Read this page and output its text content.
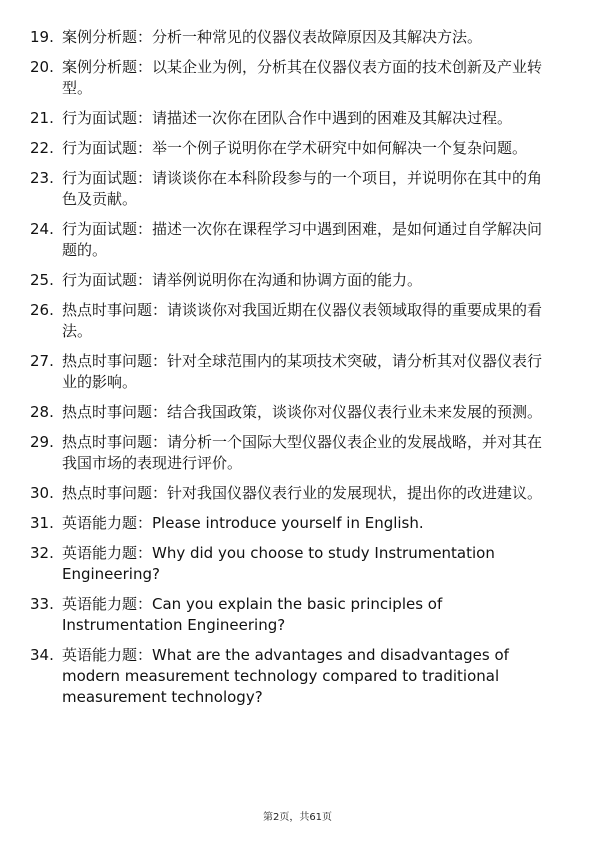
19. 案例分析题：分析一种常见的仪器仪表故障原因及其解决方法。
20. 案例分析题：以某企业为例，分析其在仪器仪表方面的技术创新及产业转型。
21. 行为面试题：请描述一次你在团队合作中遇到的困难及其解决过程。
22. 行为面试题：举一个例子说明你在学术研究中如何解决一个复杂问题。
23. 行为面试题：请谈谈你在本科阶段参与的一个项目，并说明你在其中的角色及贡献。
24. 行为面试题：描述一次你在课程学习中遇到困难，是如何通过自学解决问题的。
25. 行为面试题：请举例说明你在沟通和协调方面的能力。
26. 热点时事问题：请谈谈你对我国近期在仪器仪表领域取得的重要成果的看法。
27. 热点时事问题：针对全球范围内的某项技术突破，请分析其对仪器仪表行业的影响。
28. 热点时事问题：结合我国政策，谈谈你对仪器仪表行业未来发展的预测。
29. 热点时事问题：请分析一个国际大型仪器仪表企业的发展战略，并对其在我国市场的表现进行评价。
30. 热点时事问题：针对我国仪器仪表行业的发展现状，提出你的改进建议。
31. 英语能力题：Please introduce yourself in English.
32. 英语能力题：Why did you choose to study Instrumentation Engineering?
33. 英语能力题：Can you explain the basic principles of Instrumentation Engineering?
34. 英语能力题：What are the advantages and disadvantages of modern measurement technology compared to traditional measurement technology?
第2页，共61页
